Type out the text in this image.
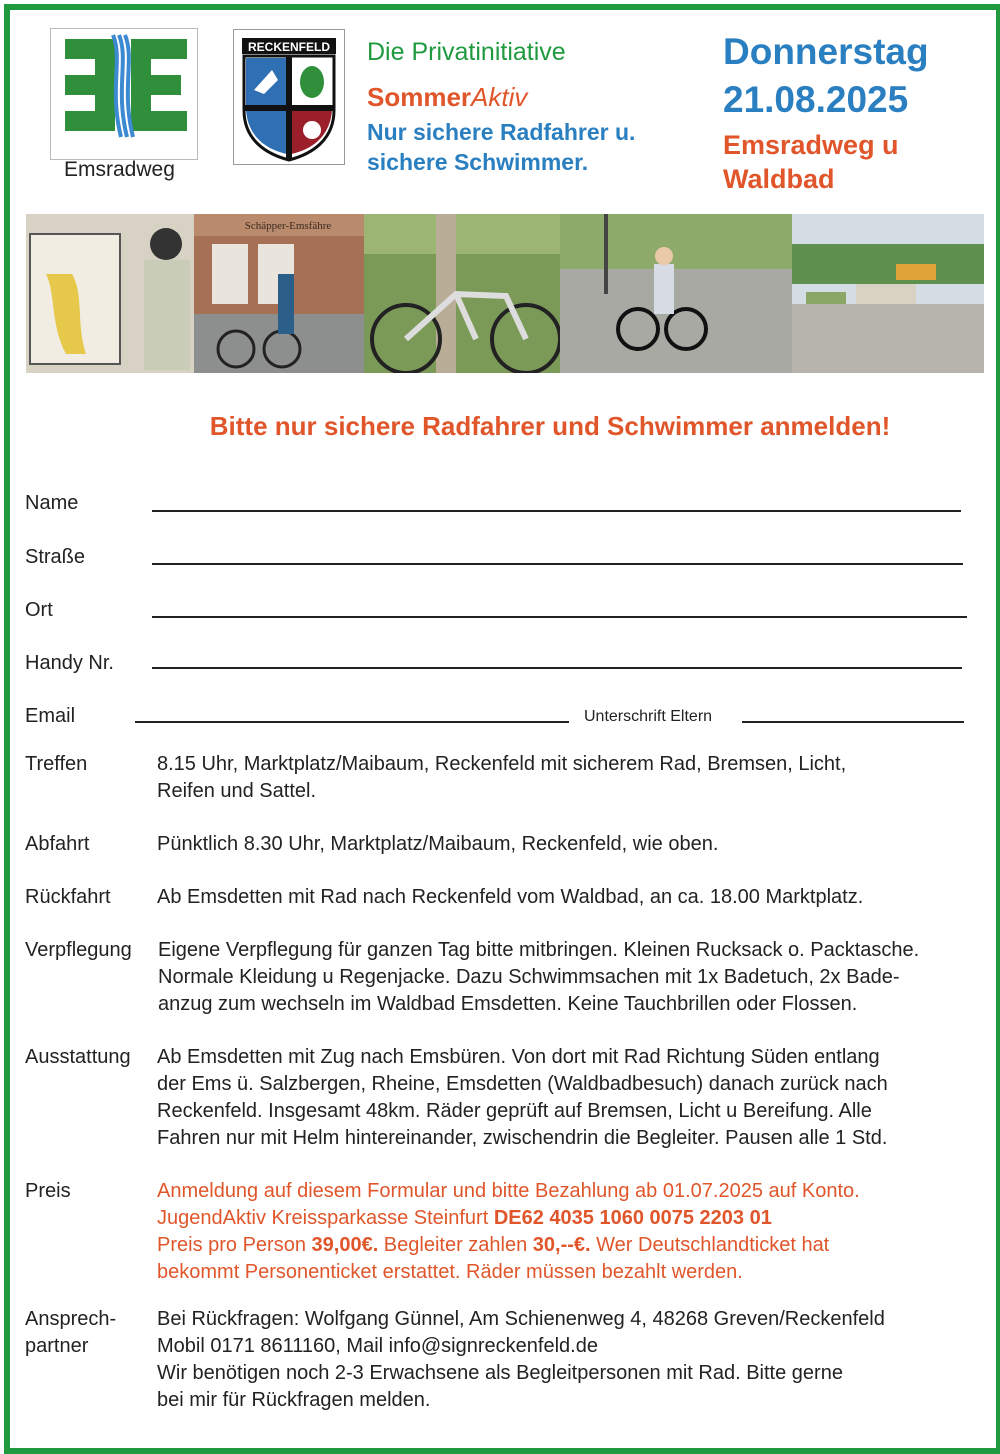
Emsradweg
RECKENFELD Die Privatinitiative
SommerAktiv
Nur sichere Radfahrer u.
sichere Schwimmer.
Donnerstag
21.08.2025
Emsradweg u
Waldbad
Schäpper-Emsfähre
Bitte nur sichere Radfahrer und Schwimmer anmelden!
Name
Straße
Ort
Handy Nr.
Email	Unterschrift Eltern
Treffen	8.15 Uhr, Marktplatz/Maibaum, Reckenfeld mit sicherem Rad, Bremsen, Licht,

Reifen und Sattel.

Abfahrt	Pünktlich 8.30 Uhr, Marktplatz/Maibaum, Reckenfeld, wie oben.

Rückfahrt Ab Emsdetten mit Rad nach Reckenfeld vom Waldbad, an ca. 18.00 Marktplatz.

Verpflegung Eigene Verpflegung für ganzen Tag bitte mitbringen. Kleinen Rucksack o. Packtasche.

Normale Kleidung u Regenjacke. Dazu Schwimmsachen mit 1x Badetuch, 2x Bade-

anzug zum wechseln im Waldbad Emsdetten. Keine Tauchbrillen oder Flossen.

Ausstattung Ab Emsdetten mit Zug nach Emsbüren. Von dort mit Rad Richtung Süden entlang

der Ems ü. Salzbergen, Rheine, Emsdetten (Waldbadbesuch) danach zurück nach

Reckenfeld. Insgesamt 48km. Räder geprüft auf Bremsen, Licht u Bereifung. Alle

Fahren nur mit Helm hintereinander, zwischendrin die Begleiter. Pausen alle 1 Std.

Preis	Anmeldung auf diesem Formular und bitte Bezahlung ab 01.07.2025 auf Konto.

JugendAktiv Kreissparkasse Steinfurt DE62 4035 1060 0075 2203 01

Preis pro Person 39,00€. Begleiter zahlen 30,--€. Wer Deutschlandticket hat

bekommt Personenticket erstattet. Räder müssen bezahlt werden.

Ansprech-
partner

Bei Rückfragen: Wolfgang Günnel, Am Schienenweg 4, 48268 Greven/Reckenfeld

Mobil 0171 8611160, Mail info@signreckenfeld.de

Wir benötigen noch 2-3 Erwachsene als Begleitpersonen mit Rad. Bitte gerne

bei mir für Rückfragen melden.
